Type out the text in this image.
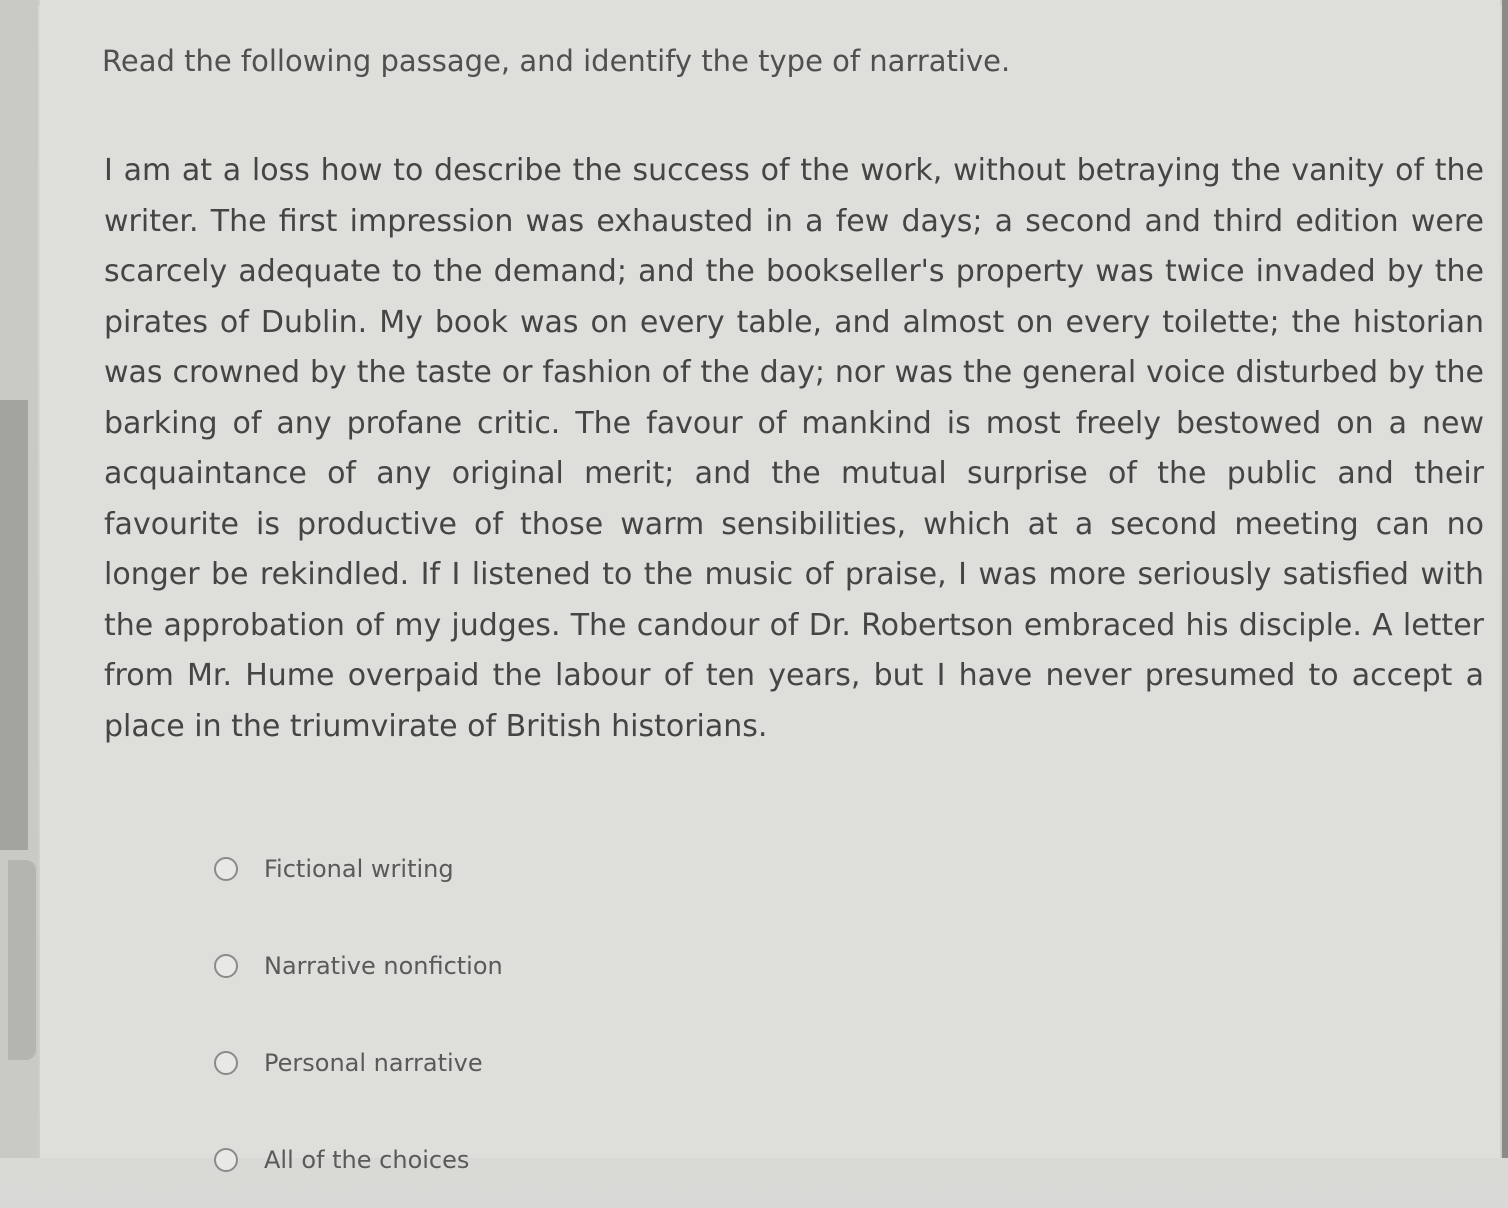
Read the following passage, and identify the type of narrative.
I am at a loss how to describe the success of the work, without betraying the vanity of the writer. The first impression was exhausted in a few days; a second and third edition were scarcely adequate to the demand; and the bookseller's property was twice invaded by the pirates of Dublin. My book was on every table, and almost on every toilette; the historian was crowned by the taste or fashion of the day; nor was the general voice disturbed by the barking of any profane critic. The favour of mankind is most freely bestowed on a new acquaintance of any original merit; and the mutual surprise of the public and their favourite is productive of those warm sensibilities, which at a second meeting can no longer be rekindled. If I listened to the music of praise, I was more seriously satisfied with the approbation of my judges. The candour of Dr. Robertson embraced his disciple. A letter from Mr. Hume overpaid the labour of ten years, but I have never presumed to accept a place in the triumvirate of British historians.
Fictional writing
Narrative nonfiction
Personal narrative
All of the choices
